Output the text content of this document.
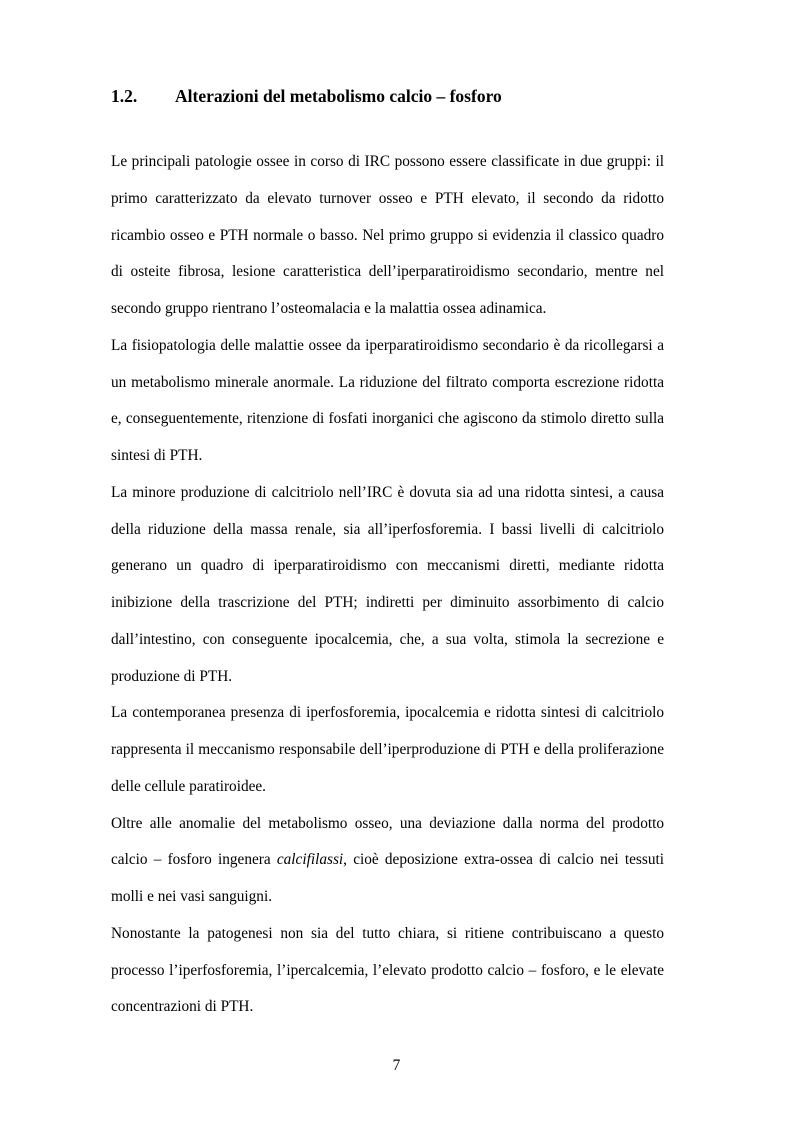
1.2. Alterazioni del metabolismo calcio – fosforo

Le principali patologie ossee in corso di IRC possono essere classificate in due gruppi: il primo caratterizzato da elevato turnover osseo e PTH elevato, il secondo da ridotto ricambio osseo e PTH normale o basso. Nel primo gruppo si evidenzia il classico quadro di osteite fibrosa, lesione caratteristica dell’iperparatiroidismo secondario, mentre nel secondo gruppo rientrano l’osteomalacia e la malattia ossea adinamica.

La fisiopatologia delle malattie ossee da iperparatiroidismo secondario è da ricollegarsi a un metabolismo minerale anormale. La riduzione del filtrato comporta escrezione ridotta e, conseguentemente, ritenzione di fosfati inorganici che agiscono da stimolo diretto sulla sintesi di PTH.

La minore produzione di calcitriolo nell’IRC è dovuta sia ad una ridotta sintesi, a causa della riduzione della massa renale, sia all’iperfosforemia. I bassi livelli di calcitriolo generano un quadro di iperparatiroidismo con meccanismi diretti, mediante ridotta inibizione della trascrizione del PTH; indiretti per diminuito assorbimento di calcio dall’intestino, con conseguente ipocalcemia, che, a sua volta, stimola la secrezione e produzione di PTH.

La contemporanea presenza di iperfosforemia, ipocalcemia e ridotta sintesi di calcitriolo rappresenta il meccanismo responsabile dell’iperproduzione di PTH e della proliferazione delle cellule paratiroidee.

Oltre alle anomalie del metabolismo osseo, una deviazione dalla norma del prodotto calcio – fosforo ingenera calcifilassi, cioè deposizione extra-ossea di calcio nei tessuti molli e nei vasi sanguigni.

Nonostante la patogenesi non sia del tutto chiara, si ritiene contribuiscano a questo processo l’iperfosforemia, l’ipercalcemia, l’elevato prodotto calcio – fosforo, e le elevate concentrazioni di PTH.

7
